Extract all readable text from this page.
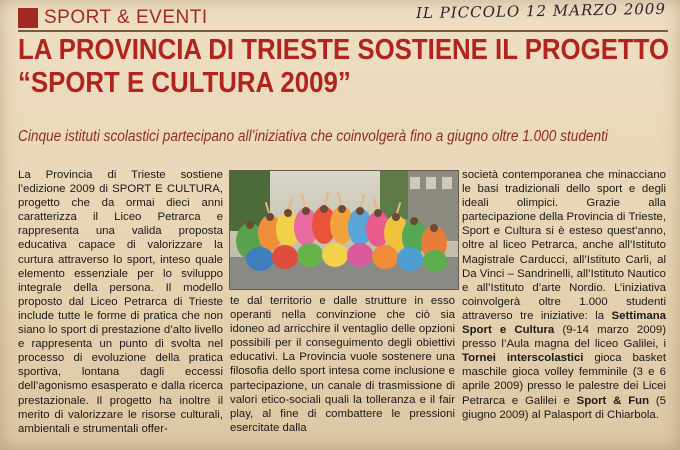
IL PICCOLO 12 MARZO 2009
SPORT & EVENTI
LA PROVINCIA DI TRIESTE SOSTIENE IL PROGETTO
“SPORT E CULTURA 2009”
Cinque istituti scolastici partecipano all’iniziativa che coinvolgerà fino a giugno oltre 1.000 studenti

La Provincia di Trieste sostiene l’edizione 2009 di SPORT E CULTURA, progetto che da ormai dieci anni caratterizza il Liceo Petrarca e rappresenta una valida proposta educativa capace di valorizzare la curtura attraverso lo sport, inteso quale elemento essenziale per lo sviluppo integrale della persona. Il modello proposto dal Liceo Petrarca di Trieste include tutte le forme di pratica che non siano lo sport di prestazione d’alto livello e rappresenta un punto di svolta nel processo di evoluzione della pratica sportiva, lontana dagli eccessi dell’agonismo esasperato e dalla ricerca prestazionale. Il progetto ha inoltre il merito di valorizzare le risorse culturali, ambientali e strumentali offer-

te dal territorio e dalle strutture in esso operanti nella convinzione che ciò sia idoneo ad arricchire il ventaglio delle opzioni possibili per il conseguimento degli obiettivi educativi. La Provincia vuole sostenere una filosofia dello sport intesa come inclusione e partecipazione, un canale di trasmissione di valori etico-sociali quali la tolleranza e il fair play, al fine di combattere le pressioni esercitate dalla

società contemporanea che minacciano le basi tradizionali dello sport e degli ideali olimpici. Grazie alla partecipazione della Provincia di Trieste, Sport e Cultura si è esteso quest’anno, oltre al liceo Petrarca, anche all’Istituto Magistrale Carducci, all’Istituto Carli, al Da Vinci – Sandrinelli, all’Istituto Nautico e all’Istituto d’arte Nordio. L’iniziativa coinvolgerà oltre 1.000 studenti attraverso tre iniziative: la Settimana Sport e Cultura (9-14 marzo 2009) presso l’Aula magna del liceo Galilei, i Tornei interscolastici gioca basket maschile gioca volley femminile (3 e 6 aprile 2009) presso le palestre dei Licei Petrarca e Galilei e Sport & Fun (5 giugno 2009) al Palasport di Chiarbola.
